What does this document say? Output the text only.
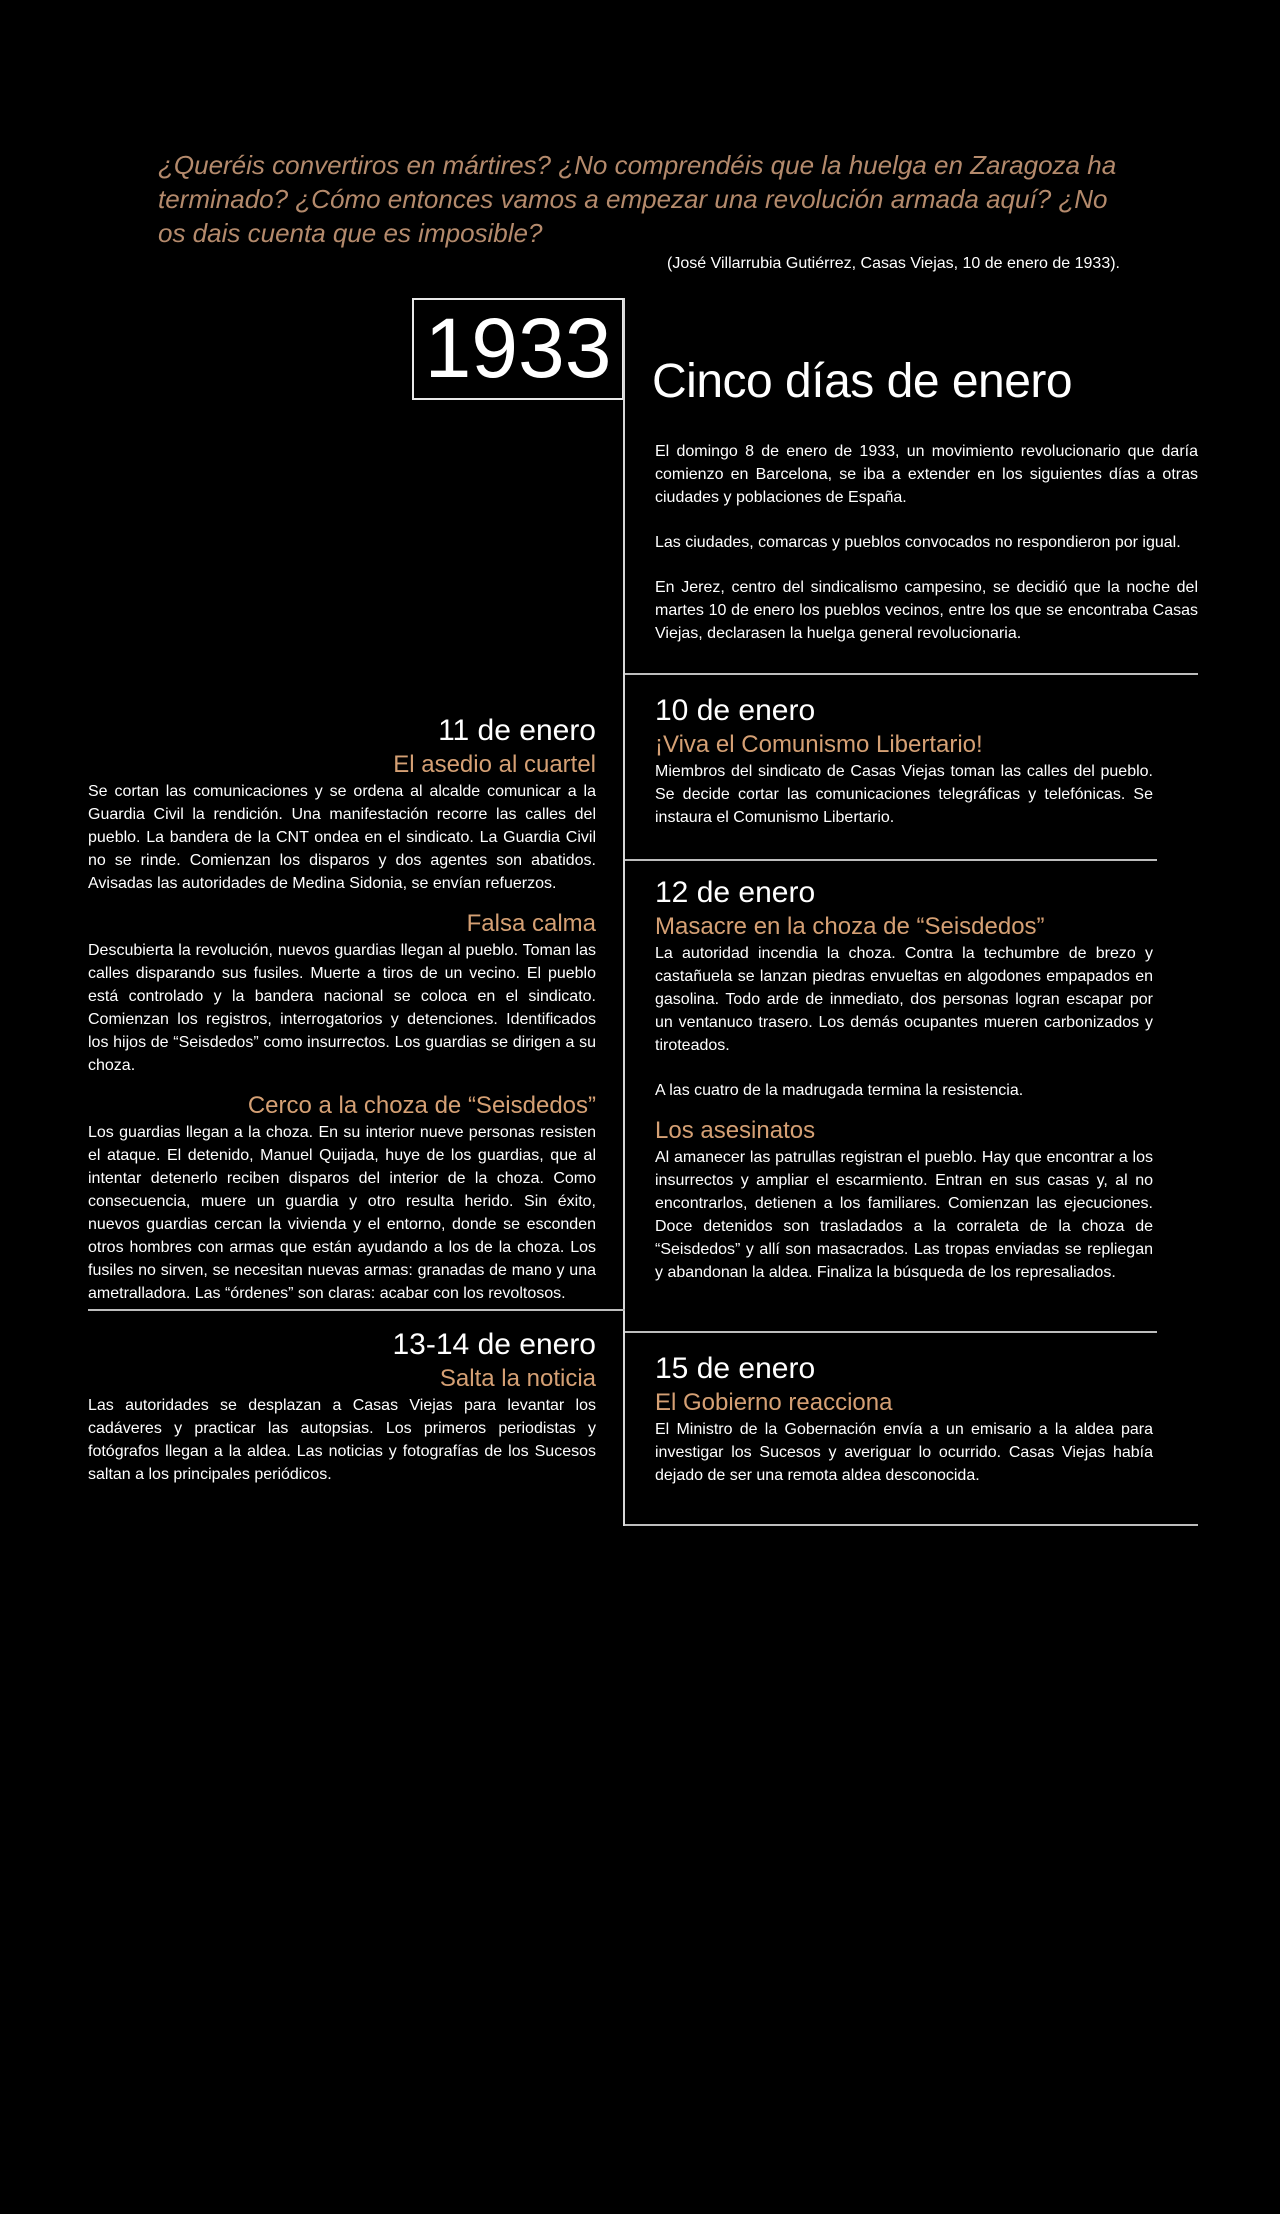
¿Queréis convertiros en mártires? ¿No comprendéis que la huelga en Zaragoza ha terminado? ¿Cómo entonces vamos a empezar una revolución armada aquí? ¿No os dais cuenta que es imposible?

(José Villarrubia Gutiérrez, Casas Viejas, 10 de enero de 1933).
1933 Cinco días de enero

El domingo 8 de enero de 1933, un movimiento revolucionario que daría comienzo en Barcelona, se iba a extender en los siguientes días a otras ciudades y poblaciones de España.

Las ciudades, comarcas y pueblos convocados no respondieron por igual.

En Jerez, centro del sindicalismo campesino, se decidió que la noche del martes 10 de enero los pueblos vecinos, entre los que se encontraba Casas Viejas, declarasen la huelga general revolucionaria.

10 de enero
¡Viva el Comunismo Libertario!

Miembros del sindicato de Casas Viejas toman las calles del pueblo. Se decide cortar las comunicaciones telegráficas y telefónicas. Se instaura el Comunismo Libertario.

11 de enero
El asedio al cuartel

Se cortan las comunicaciones y se ordena al alcalde comunicar a la Guardia Civil la rendición. Una manifestación recorre las calles del pueblo. La bandera de la CNT ondea en el sindicato. La Guardia Civil no se rinde. Comienzan los disparos y dos agentes son abatidos. Avisadas las autoridades de Medina Sidonia, se envían refuerzos.

Falsa calma

Descubierta la revolución, nuevos guardias llegan al pueblo. Toman las calles disparando sus fusiles. Muerte a tiros de un vecino. El pueblo está controlado y la bandera nacional se coloca en el sindicato. Comienzan los registros, interrogatorios y detenciones. Identificados los hijos de “Seisdedos” como insurrectos. Los guardias se dirigen a su choza.

Cerco a la choza de “Seisdedos”

Los guardias llegan a la choza. En su interior nueve personas resisten el ataque. El detenido, Manuel Quijada, huye de los guardias, que al intentar detenerlo reciben disparos del interior de la choza. Como consecuencia, muere un guardia y otro resulta herido. Sin éxito, nuevos guardias cercan la vivienda y el entorno, donde se esconden otros hombres con armas que están ayudando a los de la choza. Los fusiles no sirven, se necesitan nuevas armas: granadas de mano y una ametralladora. Las “órdenes” son claras: acabar con los revoltosos.

12 de enero
Masacre en la choza de “Seisdedos”

La autoridad incendia la choza. Contra la techumbre de brezo y castañuela se lanzan piedras envueltas en algodones empapados en gasolina. Todo arde de inmediato, dos personas logran escapar por un ventanuco trasero. Los demás ocupantes mueren carbonizados y tiroteados.

A las cuatro de la madrugada termina la resistencia.

Los asesinatos

Al amanecer las patrullas registran el pueblo. Hay que encontrar a los insurrectos y ampliar el escarmiento. Entran en sus casas y, al no encontrarlos, detienen a los familiares. Comienzan las ejecuciones. Doce detenidos son trasladados a la corraleta de la choza de “Seisdedos” y allí son masacrados. Las tropas enviadas se repliegan y abandonan la aldea. Finaliza la búsqueda de los represaliados.

13-14 de enero
Salta la noticia

Las autoridades se desplazan a Casas Viejas para levantar los cadáveres y practicar las autopsias. Los primeros periodistas y fotógrafos llegan a la aldea. Las noticias y fotografías de los Sucesos saltan a los principales periódicos.

15 de enero
El Gobierno reacciona

El Ministro de la Gobernación envía a un emisario a la aldea para investigar los Sucesos y averiguar lo ocurrido. Casas Viejas había dejado de ser una remota aldea desconocida.
